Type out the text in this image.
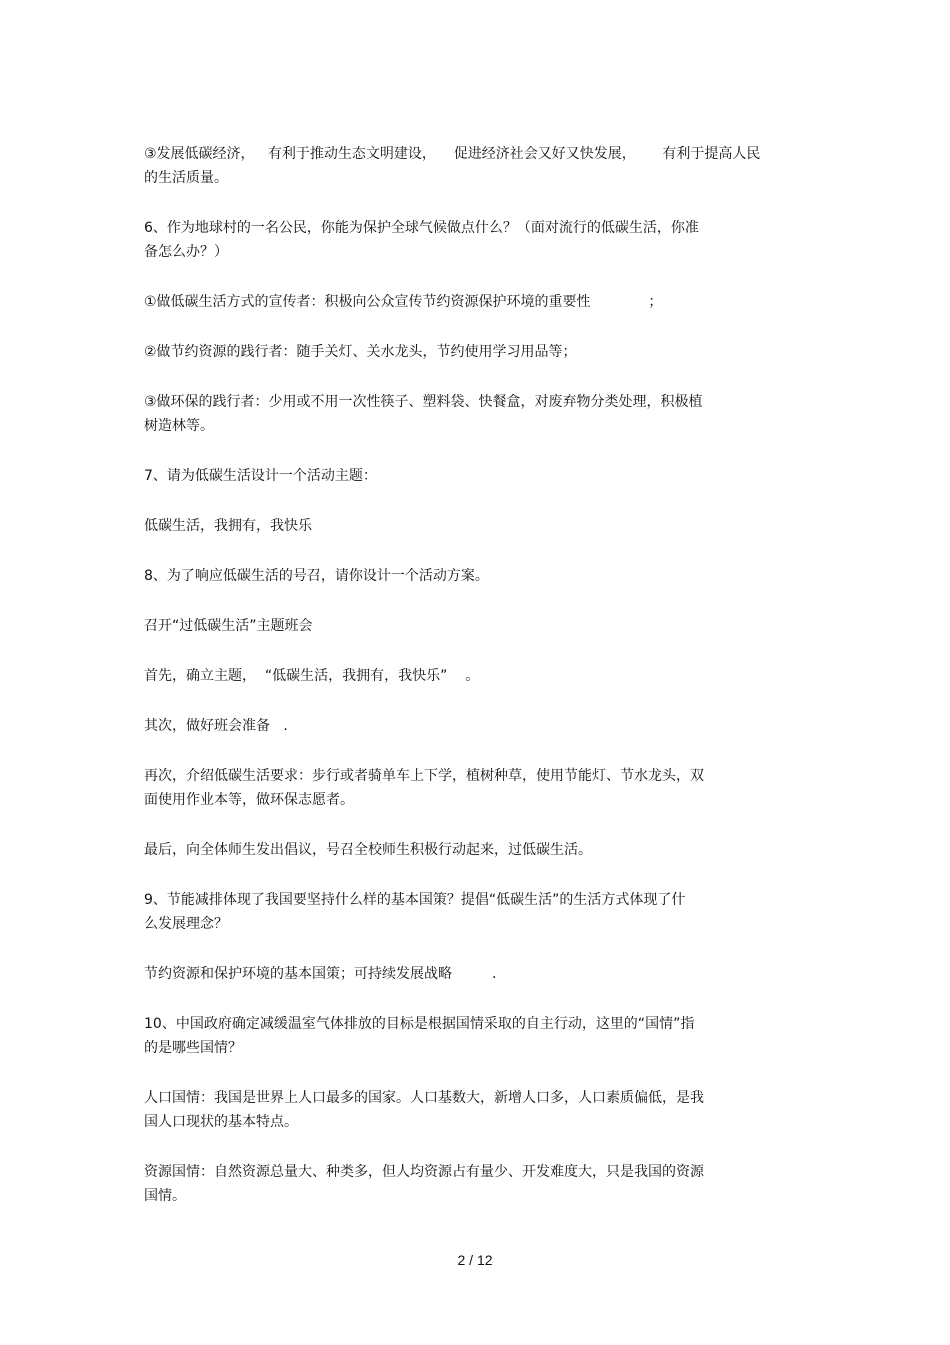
③发展低碳经济，   有利于推动生态文明建设，    促进经济社会又好又快发展，      有利于提高人民
的生活质量。
6、作为地球村的一名公民，你能为保护全球气候做点什么？（面对流行的低碳生活，你准
备怎么办？）
①做低碳生活方式的宣传者：积极向公众宣传节约资源保护环境的重要性             ；
②做节约资源的践行者：随手关灯、关水龙头，节约使用学习用品等；
③做环保的践行者：少用或不用一次性筷子、塑料袋、快餐盒，对废弃物分类处理，积极植
树造林等。
7、请为低碳生活设计一个活动主题：
低碳生活，我拥有，我快乐
8、为了响应低碳生活的号召，请你设计一个活动方案。
召开“过低碳生活”主题班会
首先，确立主题，  “低碳生活，我拥有，我快乐”    。
其次，做好班会准备   .
再次，介绍低碳生活要求：步行或者骑单车上下学，植树种草，使用节能灯、节水龙头，双
面使用作业本等，做环保志愿者。
最后，向全体师生发出倡议，号召全校师生积极行动起来，过低碳生活。
9、节能减排体现了我国要坚持什么样的基本国策？提倡“低碳生活”的生活方式体现了什
么发展理念？
节约资源和保护环境的基本国策；可持续发展战略         .
10、中国政府确定减缓温室气体排放的目标是根据国情采取的自主行动，这里的“国情”指
的是哪些国情？
人口国情：我国是世界上人口最多的国家。人口基数大，新增人口多，人口素质偏低，是我
国人口现状的基本特点。
资源国情：自然资源总量大、种类多，但人均资源占有量少、开发难度大，只是我国的资源
国情。
2 / 12
